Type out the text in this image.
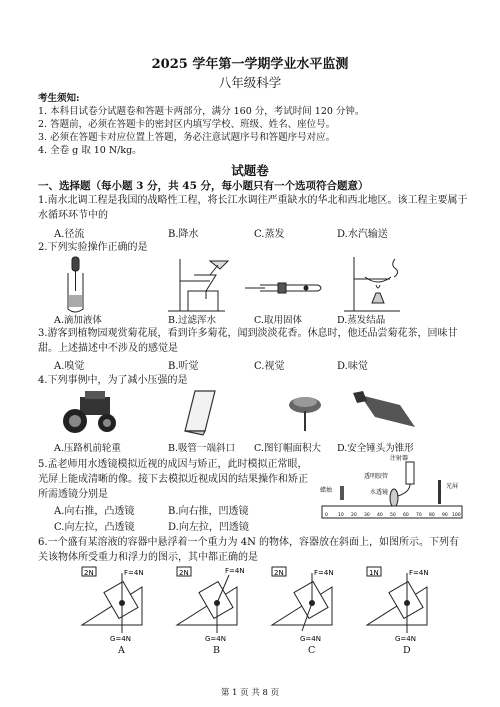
2025 学年第一学期学业水平监测
八年级科学
考生须知:
1. 本科目试卷分试题卷和答题卡两部分，满分 160 分，考试时间 120 分钟。
2. 答题前，必须在答题卡的密封区内填写学校、班级、姓名、座位号。
3. 必须在答题卡对应位置上答题，务必注意试题序号和答题序号对应。
4. 全卷 g 取 10 N/kg。
试题卷
一、选择题（每小题 3 分，共 45 分，每小题只有一个选项符合题意）
1.南水北调工程是我国的战略性工程，将长江水调往严重缺水的华北和西北地区。该工程主要属于水循环环节中的
A.径流	B.降水	C.蒸发	D.水汽输送
2.下列实验操作正确的是
A.滴加液体	B.过滤浑水	C.取用固体	D.蒸发结晶
3.游客到植物园观赏菊花展，看到许多菊花，闻到淡淡花香。休息时，他还品尝菊花茶，回味甘甜。上述描述中不涉及的感觉是
A.嗅觉	B.听觉	C.视觉	D.味觉
4.下列事例中，为了减小压强的是
A.压路机前轮重	B.吸管一端斜口 C.图钉帽面积大 D.安全锤头为锥形
5.孟老师用水透镜模拟近视的成因与矫正，此时模拟正常眼，光屏上能成清晰的像。接下去模拟近视成因的结果操作和矫正所需透镜分别是
注射器
透明胶管
蜡烛	水透镜
光屏
0 10 20 30 40 50 60 70 80 90 100
A.向右推，凸透镜	B.向右推，凹透镜
C.向左拉，凸透镜	D.向左拉，凹透镜
6.一个盛有某溶液的容器中悬浮着一个重力为 4N 的物体，容器放在斜面上，如图所示。下列有关该物体所受重力和浮力的图示，其中都正确的是
2N	F=4N
G=4N
2N	F=4N
G=4N
2N	F=4N
G=4N
1N	F=4N
G=4N
A	B	C	D
第 1 页 共 8 页
